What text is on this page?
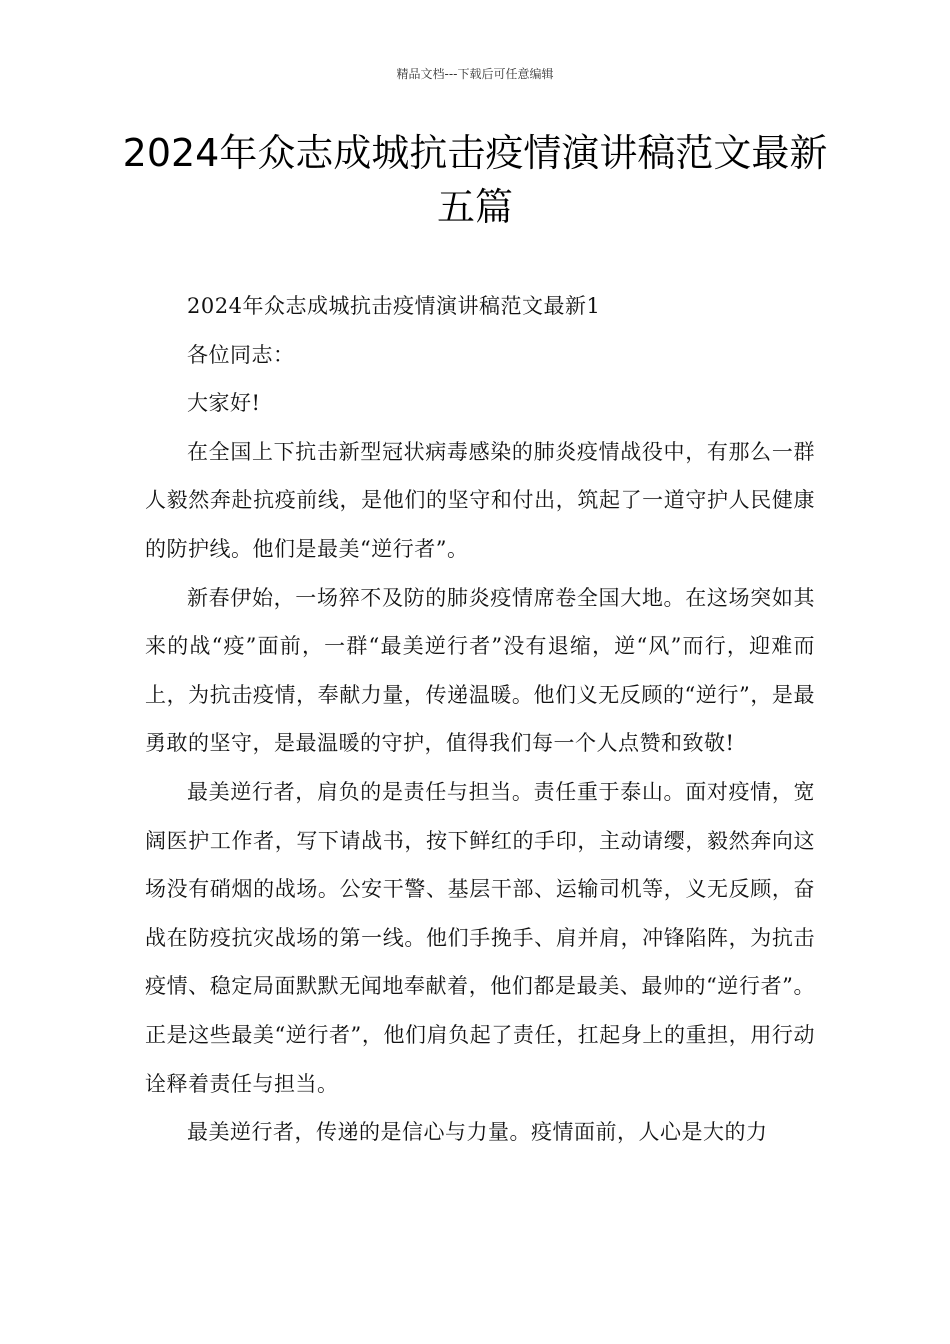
精品文档---下载后可任意编辑
2024年众志成城抗击疫情演讲稿范文最新五篇

2024年众志成城抗击疫情演讲稿范文最新1

各位同志：

大家好!

在全国上下抗击新型冠状病毒感染的肺炎疫情战役中，有那么一群人毅然奔赴抗疫前线，是他们的坚守和付出，筑起了一道守护人民健康的防护线。他们是最美“逆行者”。

新春伊始，一场猝不及防的肺炎疫情席卷全国大地。在这场突如其来的战“疫”面前，一群“最美逆行者”没有退缩，逆“风”而行，迎难而上，为抗击疫情，奉献力量，传递温暖。他们义无反顾的“逆行”，是最勇敢的坚守，是最温暖的守护，值得我们每一个人点赞和致敬!

最美逆行者，肩负的是责任与担当。责任重于泰山。面对疫情，宽阔医护工作者，写下请战书，按下鲜红的手印，主动请缨，毅然奔向这场没有硝烟的战场。公安干警、基层干部、运输司机等，义无反顾，奋战在防疫抗灾战场的第一线。他们手挽手、肩并肩，冲锋陷阵，为抗击疫情、稳定局面默默无闻地奉献着，他们都是最美、最帅的“逆行者”。正是这些最美“逆行者”，他们肩负起了责任，扛起身上的重担，用行动诠释着责任与担当。

最美逆行者，传递的是信心与力量。疫情面前，人心是大的力
